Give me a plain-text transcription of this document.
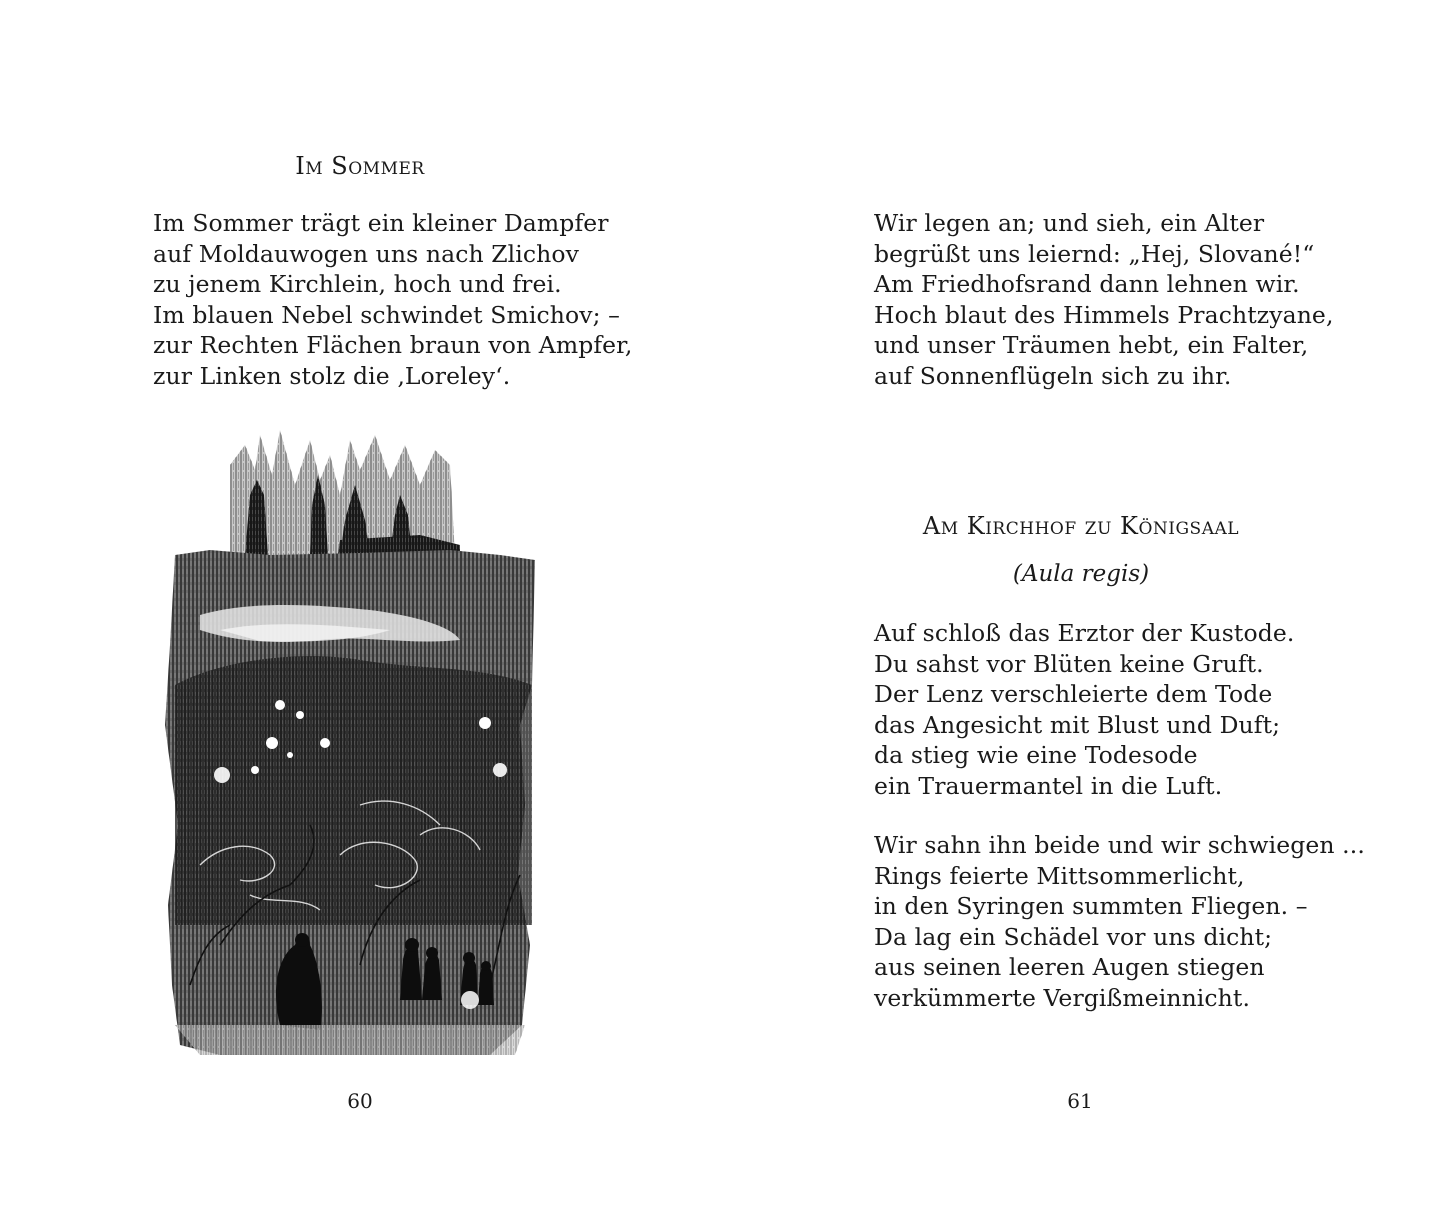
Im Sommer
Im Sommer trägt ein kleiner Dampfer
auf Moldauwogen uns nach Zlichov
zu jenem Kirchlein, hoch und frei.
Im blauen Nebel schwindet Smichov; –
zur Rechten Flächen braun von Ampfer,
zur Linken stolz die ‚Loreley‘.
60
Wir legen an; und sieh, ein Alter
begrüßt uns leiernd: „Hej, Slované!“
Am Friedhofsrand dann lehnen wir.
Hoch blaut des Himmels Prachtzyane,
und unser Träumen hebt, ein Falter,
auf Sonnenflügeln sich zu ihr.
Am Kirchhof zu Königsaal
(Aula regis)
Auf schloß das Erztor der Kustode.
Du sahst vor Blüten keine Gruft.
Der Lenz verschleierte dem Tode
das Angesicht mit Blust und Duft;
da stieg wie eine Todesode
ein Trauermantel in die Luft.
Wir sahn ihn beide und wir schwiegen ...
Rings feierte Mittsommerlicht,
in den Syringen summten Fliegen. –
Da lag ein Schädel vor uns dicht;
aus seinen leeren Augen stiegen
verkümmerte Vergißmeinnicht.
61
